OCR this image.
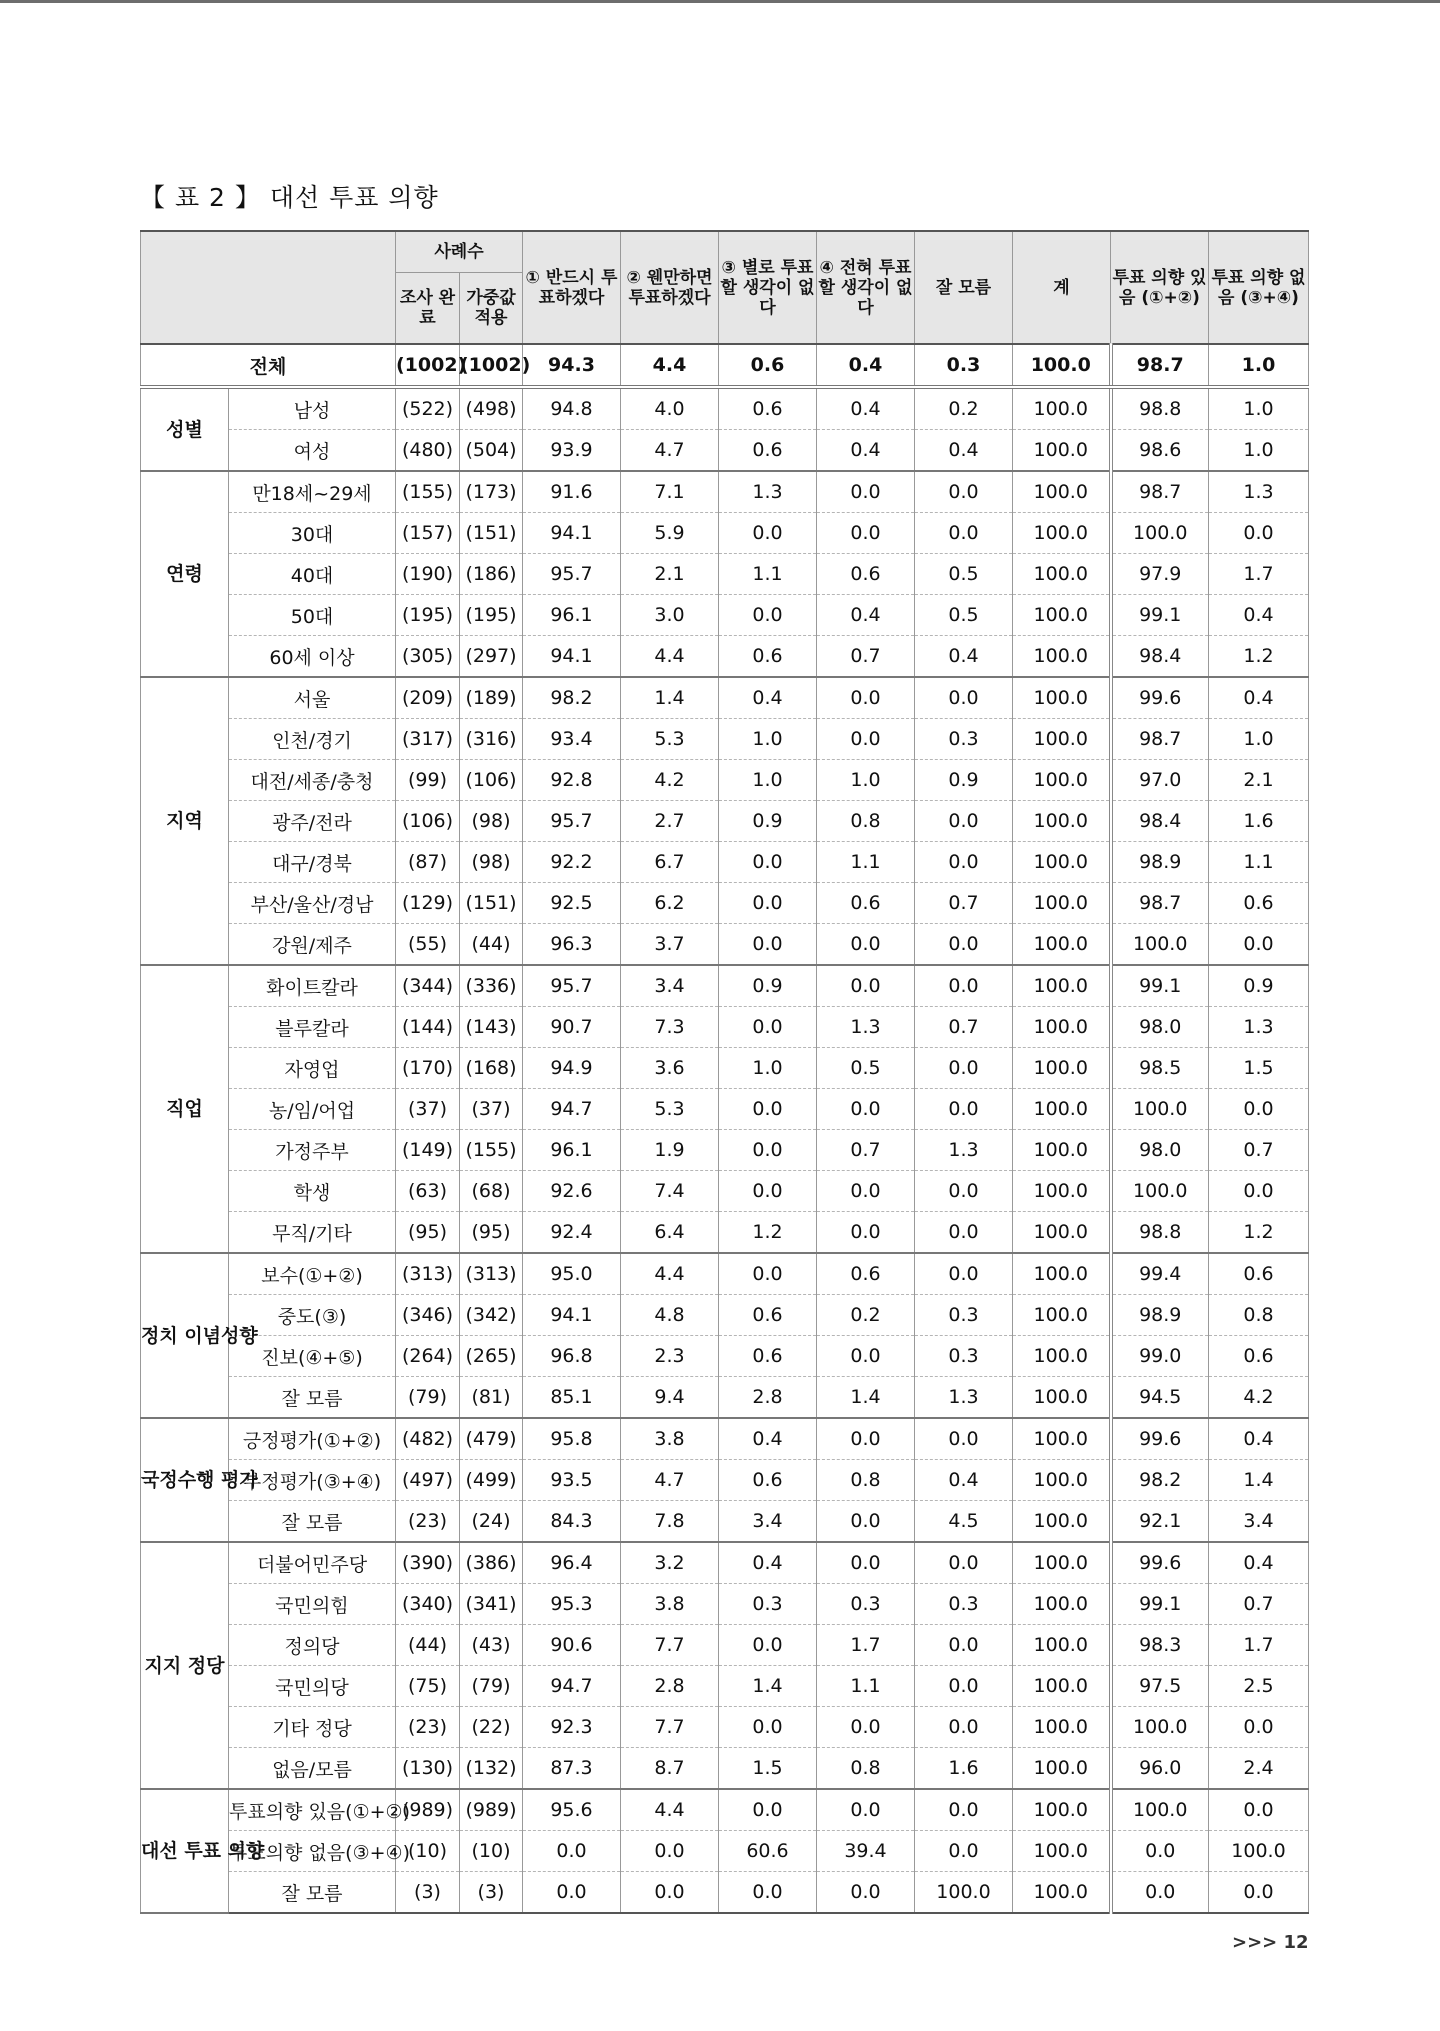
【 표 2 】 대선 투표 의향
		사례수		① 반드시 투표하겠다	② 웬만하면 투표하겠다	③ 별로 투표할 생각이 없다	④ 전혀 투표할 생각이 없다	잘 모름	계	투표 의향 있음 (①+②)	투표 의향 없음 (③+④)
		조사 완료	가중값 적용								
전체		(1002)	(1002)	94.3	4.4	0.6	0.4	0.3	100.0	98.7	1.0
성별	남성	(522)	(498)	94.8	4.0	0.6	0.4	0.2	100.0	98.8	1.0
	여성	(480)	(504)	93.9	4.7	0.6	0.4	0.4	100.0	98.6	1.0
연령	만18세~29세	(155)	(173)	91.6	7.1	1.3	0.0	0.0	100.0	98.7	1.3
	30대	(157)	(151)	94.1	5.9	0.0	0.0	0.0	100.0	100.0	0.0
	40대	(190)	(186)	95.7	2.1	1.1	0.6	0.5	100.0	97.9	1.7
	50대	(195)	(195)	96.1	3.0	0.0	0.4	0.5	100.0	99.1	0.4
	60세 이상	(305)	(297)	94.1	4.4	0.6	0.7	0.4	100.0	98.4	1.2
지역	서울	(209)	(189)	98.2	1.4	0.4	0.0	0.0	100.0	99.6	0.4
	인천/경기	(317)	(316)	93.4	5.3	1.0	0.0	0.3	100.0	98.7	1.0
	대전/세종/충청	(99)	(106)	92.8	4.2	1.0	1.0	0.9	100.0	97.0	2.1
	광주/전라	(106)	(98)	95.7	2.7	0.9	0.8	0.0	100.0	98.4	1.6
	대구/경북	(87)	(98)	92.2	6.7	0.0	1.1	0.0	100.0	98.9	1.1
	부산/울산/경남	(129)	(151)	92.5	6.2	0.0	0.6	0.7	100.0	98.7	0.6
	강원/제주	(55)	(44)	96.3	3.7	0.0	0.0	0.0	100.0	100.0	0.0
직업	화이트칼라	(344)	(336)	95.7	3.4	0.9	0.0	0.0	100.0	99.1	0.9
	블루칼라	(144)	(143)	90.7	7.3	0.0	1.3	0.7	100.0	98.0	1.3
	자영업	(170)	(168)	94.9	3.6	1.0	0.5	0.0	100.0	98.5	1.5
	농/임/어업	(37)	(37)	94.7	5.3	0.0	0.0	0.0	100.0	100.0	0.0
	가정주부	(149)	(155)	96.1	1.9	0.0	0.7	1.3	100.0	98.0	0.7
	학생	(63)	(68)	92.6	7.4	0.0	0.0	0.0	100.0	100.0	0.0
	무직/기타	(95)	(95)	92.4	6.4	1.2	0.0	0.0	100.0	98.8	1.2
정치 이념성향	보수(①+②)	(313)	(313)	95.0	4.4	0.0	0.6	0.0	100.0	99.4	0.6
	중도(③)	(346)	(342)	94.1	4.8	0.6	0.2	0.3	100.0	98.9	0.8
	진보(④+⑤)	(264)	(265)	96.8	2.3	0.6	0.0	0.3	100.0	99.0	0.6
	잘 모름	(79)	(81)	85.1	9.4	2.8	1.4	1.3	100.0	94.5	4.2
국정수행 평가	긍정평가(①+②)	(482)	(479)	95.8	3.8	0.4	0.0	0.0	100.0	99.6	0.4
	부정평가(③+④)	(497)	(499)	93.5	4.7	0.6	0.8	0.4	100.0	98.2	1.4
	잘 모름	(23)	(24)	84.3	7.8	3.4	0.0	4.5	100.0	92.1	3.4
지지 정당	더불어민주당	(390)	(386)	96.4	3.2	0.4	0.0	0.0	100.0	99.6	0.4
	국민의힘	(340)	(341)	95.3	3.8	0.3	0.3	0.3	100.0	99.1	0.7
	정의당	(44)	(43)	90.6	7.7	0.0	1.7	0.0	100.0	98.3	1.7
	국민의당	(75)	(79)	94.7	2.8	1.4	1.1	0.0	100.0	97.5	2.5
	기타 정당	(23)	(22)	92.3	7.7	0.0	0.0	0.0	100.0	100.0	0.0
	없음/모름	(130)	(132)	87.3	8.7	1.5	0.8	1.6	100.0	96.0	2.4
대선 투표 의향	투표의향 있음(①+②)	(989)	(989)	95.6	4.4	0.0	0.0	0.0	100.0	100.0	0.0
	투표의향 없음(③+④)	(10)	(10)	0.0	0.0	60.6	39.4	0.0	100.0	0.0	100.0
	잘 모름	(3)	(3)	0.0	0.0	0.0	0.0	100.0	100.0	0.0	0.0
>>> 12
